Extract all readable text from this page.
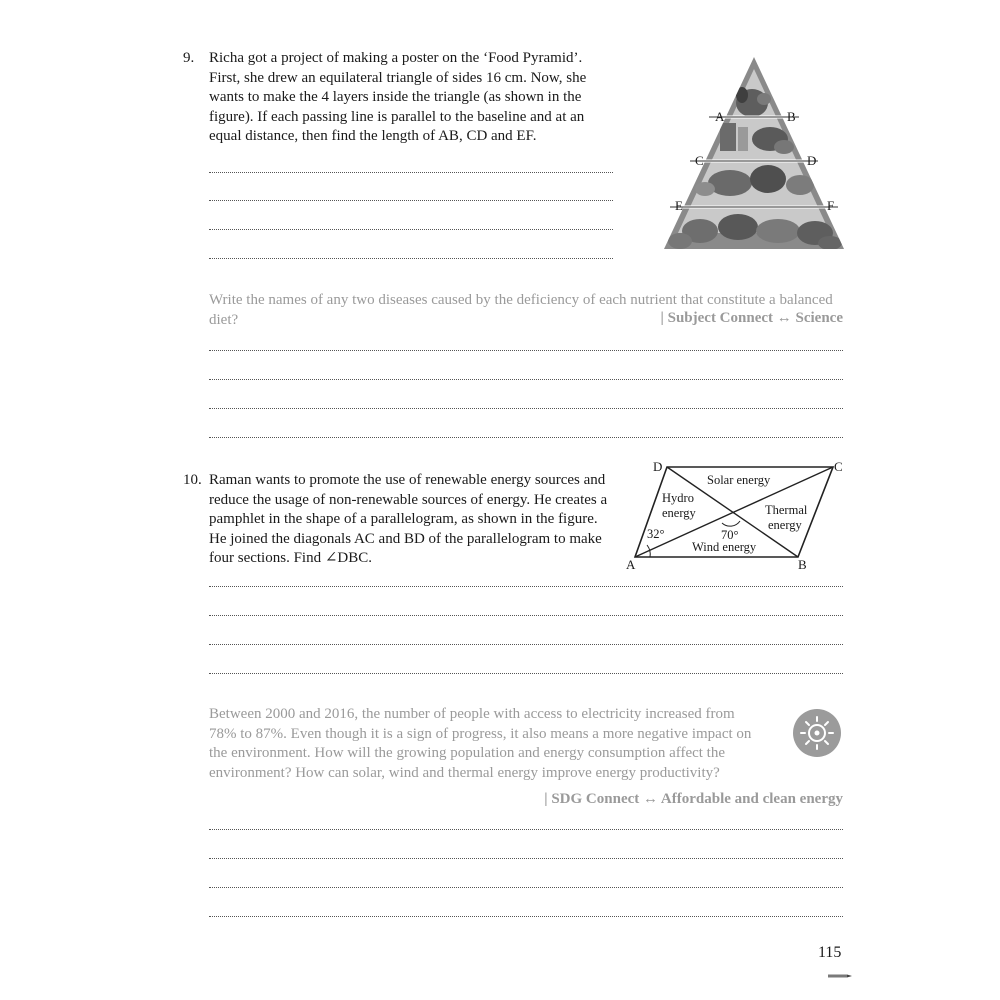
9. Richa got a project of making a poster on the ‘Food Pyramid’.
First, she drew an equilateral triangle of sides 16 cm. Now, she
wants to make the 4 layers inside the triangle (as shown in the
figure). If each passing line is parallel to the baseline and at an
equal distance, then find the length of AB, CD and EF.
A	B
C	D
E	F
Write the names of any two diseases caused by the deficiency of each nutrient that constitute a balanced
diet?	| Subject Connect ↔ Science
10. Raman wants to promote the use of renewable energy sources and
reduce the usage of non-renewable sources of energy. He creates a
pamphlet in the shape of a parallelogram, as shown in the figure.
He joined the diagonals AC and BD of the parallelogram to make
four sections. Find ∠DBC.
D	C
A	B
Solar energy
Hydro
energy	Thermal
energy
Wind energy
32°	70°
Between 2000 and 2016, the number of people with access to electricity increased from
78% to 87%. Even though it is a sign of progress, it also means a more negative impact on
the environment. How will the growing population and energy consumption affect the
environment? How can solar, wind and thermal energy improve energy productivity?
| SDG Connect ↔ Affordable and clean energy
115
